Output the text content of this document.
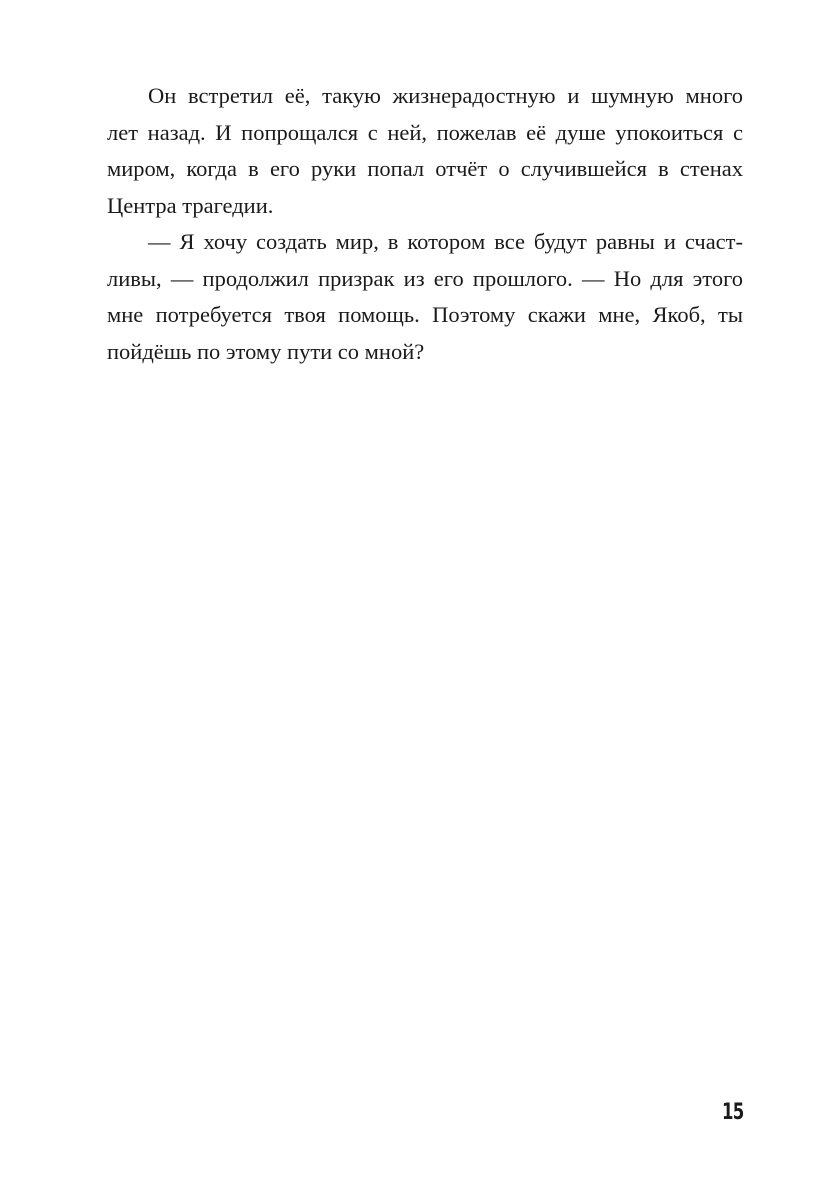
Он встретил её, такую жизнерадостную и шумную много
лет назад. И попрощался с ней, пожелав её душе упокоиться с
миром, когда в его руки попал отчёт о случившейся в стенах
Центра трагедии.
— Я хочу создать мир, в котором все будут равны и счаст-
ливы, — продолжил призрак из его прошлого. — Но для этого
мне потребуется твоя помощь. Поэтому скажи мне, Якоб, ты
пойдёшь по этому пути со мной?
15
